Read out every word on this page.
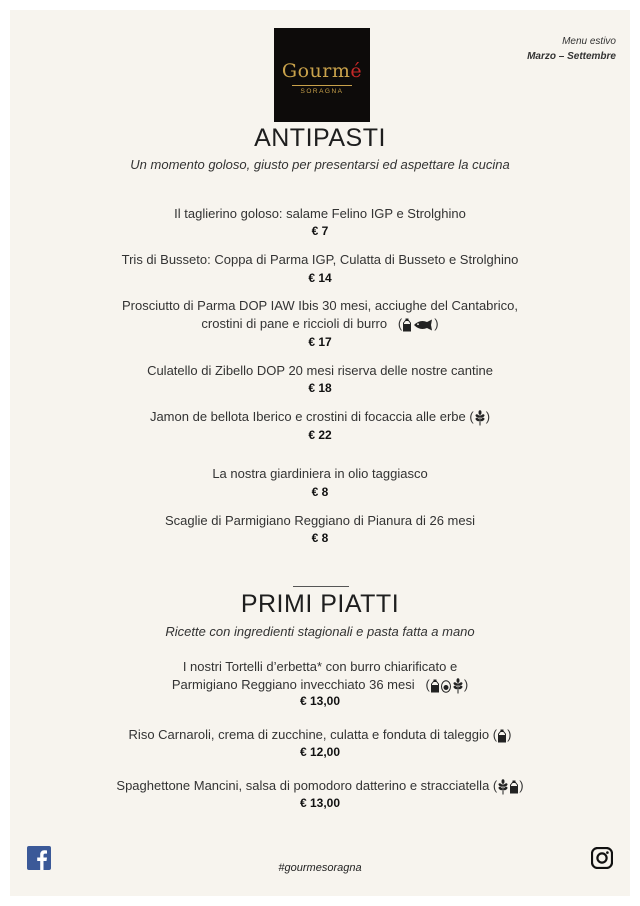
Menu estivo
Marzo – Settembre
Gourmé
SORAGNA
ANTIPASTI
Un momento goloso, giusto per presentarsi ed aspettare la cucina
Il taglierino goloso: salame Felino IGP e Strolghino
€ 7
Tris di Busseto: Coppa di Parma IGP, Culatta di Busseto e Strolghino
€ 14
Prosciutto di Parma DOP IAW Ibis 30 mesi, acciughe del Cantabrico,
crostini di pane e riccioli di burro   ( )
€ 17
Culatello di Zibello DOP 20 mesi riserva delle nostre cantine
€ 18
Jamon de bellota Iberico e crostini di focaccia alle erbe ( )
€ 22
La nostra giardiniera in olio taggiasco
€ 8
Scaglie di Parmigiano Reggiano di Pianura di 26 mesi
€ 8
PRIMI PIATTI
Ricette con ingredienti stagionali e pasta fatta a mano
I nostri Tortelli d’erbetta* con burro chiarificato e
Parmigiano Reggiano invecchiato 36 mesi   (	)
€ 13,00
Riso Carnaroli, crema di zucchine, culatta e fonduta di taleggio ( )
€ 12,00
Spaghettone Mancini, salsa di pomodoro datterino e stracciatella ( )
€ 13,00
#gourmesoragna
